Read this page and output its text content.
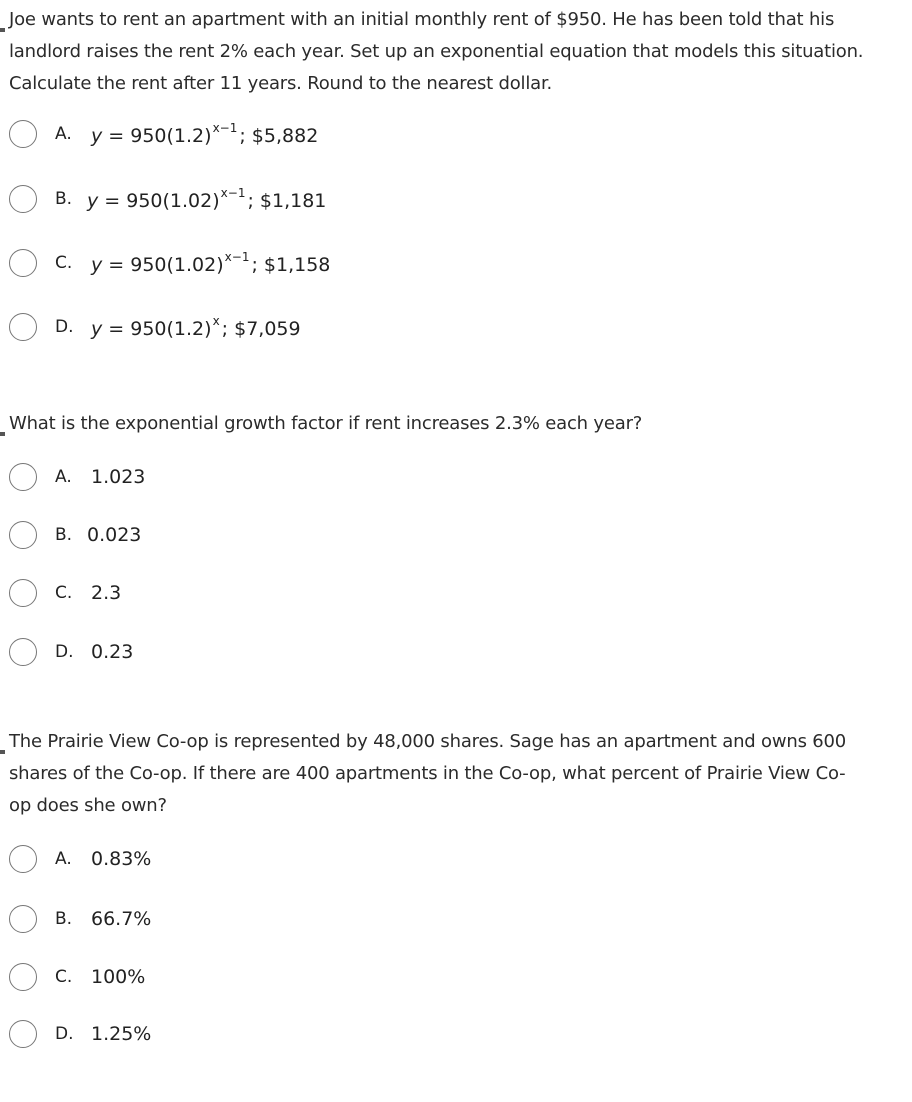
Joe wants to rent an apartment with an initial monthly rent of $950. He has been told that his
landlord raises the rent 2% each year. Set up an exponential equation that models this situation.
Calculate the rent after 11 years. Round to the nearest dollar.
A. $y = 950(1.2)^{x-1}$ ; $5,882
B. $y = 950(1.02)^{x-1}$ ; $1,181
C. $y = 950(1.02)^{x-1}$ ; $1,158
D. $y = 950(1.2)^x$ ; $7,059
What is the exponential growth factor if rent increases 2.3% each year?
A. 1.023
B. 0.023
C. 2.3
D. 0.23
The Prairie View Co-op is represented by 48,000 shares. Sage has an apartment and owns 600
shares of the Co-op. If there are 400 apartments in the Co-op, what percent of Prairie View Co-
op does she own?
A. 0.83%
B. 66.7%
C. 100%
D. 1.25%
